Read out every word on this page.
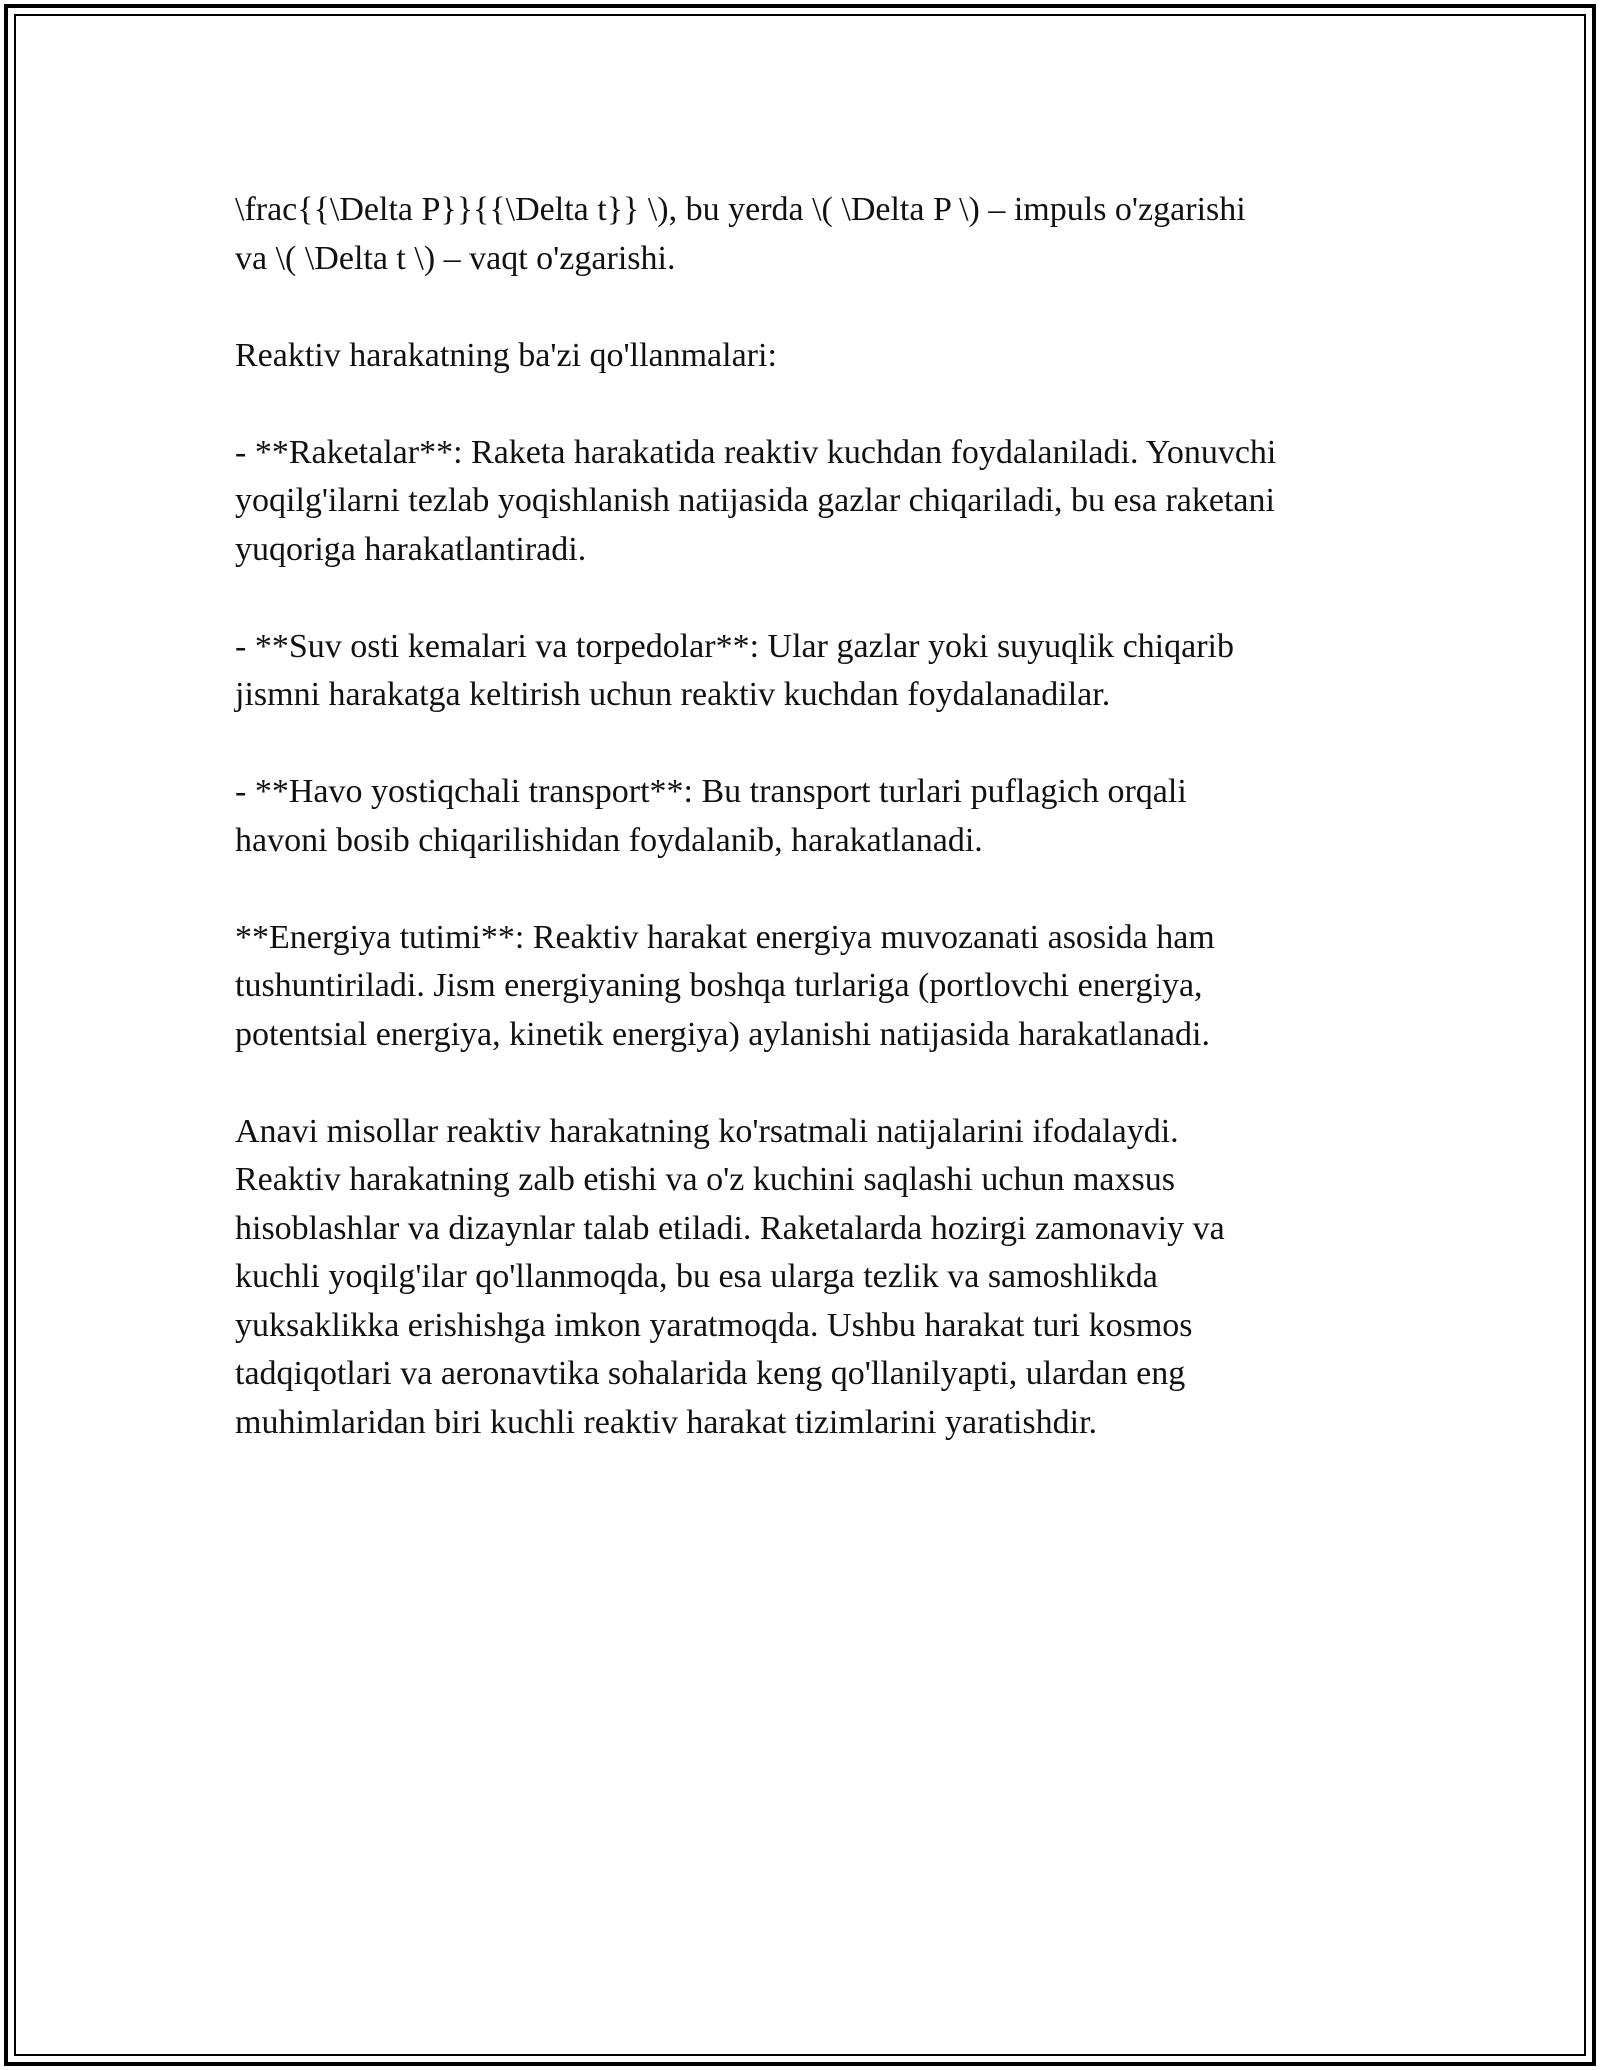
\frac{{\Delta P}}{{\Delta t}} \), bu yerda \( \Delta P \) – impuls o'zgarishi
va \( \Delta t \) – vaqt o'zgarishi.

Reaktiv harakatning ba'zi qo'llanmalari:

- **Raketalar**: Raketa harakatida reaktiv kuchdan foydalaniladi. Yonuvchi
yoqilg'ilarni tezlab yoqishlanish natijasida gazlar chiqariladi, bu esa raketani
yuqoriga harakatlantiradi.

- **Suv osti kemalari va torpedolar**: Ular gazlar yoki suyuqlik chiqarib
jismni harakatga keltirish uchun reaktiv kuchdan foydalanadilar.

- **Havo yostiqchali transport**: Bu transport turlari puflagich orqali
havoni bosib chiqarilishidan foydalanib, harakatlanadi.

**Energiya tutimi**: Reaktiv harakat energiya muvozanati asosida ham
tushuntiriladi. Jism energiyaning boshqa turlariga (portlovchi energiya,
potentsial energiya, kinetik energiya) aylanishi natijasida harakatlanadi.

Anavi misollar reaktiv harakatning ko'rsatmali natijalarini ifodalaydi.
Reaktiv harakatning zalb etishi va o'z kuchini saqlashi uchun maxsus
hisoblashlar va dizaynlar talab etiladi. Raketalarda hozirgi zamonaviy va
kuchli yoqilg'ilar qo'llanmoqda, bu esa ularga tezlik va samoshlikda
yuksaklikka erishishga imkon yaratmoqda. Ushbu harakat turi kosmos
tadqiqotlari va aeronavtika sohalarida keng qo'llanilyapti, ulardan eng
muhimlaridan biri kuchli reaktiv harakat tizimlarini yaratishdir.
